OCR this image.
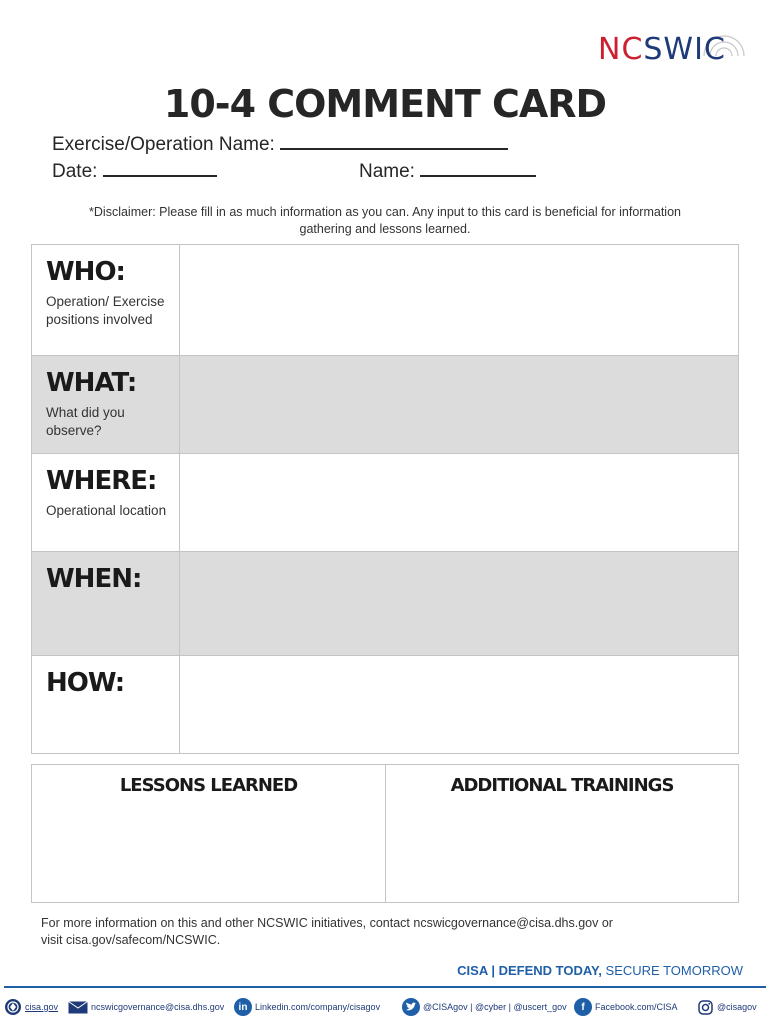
NCSWIC
10-4 COMMENT CARD
Exercise/Operation Name:
Date:	Name:
*Disclaimer: Please fill in as much information as you can. Any input to this card is beneficial for information
gathering and lessons learned.
WHO:
Operation/ Exercise positions involved
WHAT:
What did you observe?
WHERE:
Operational location
WHEN:
HOW:
LESSONS LEARNED	ADDITIONAL TRAININGS
For more information on this and other NCSWIC initiatives, contact ncswicgovernance@cisa.dhs.gov or
visit cisa.gov/safecom/NCSWIC.
CISA | DEFEND TODAY, SECURE TOMORROW
cisa.gov	ncswicgovernance@cisa.dhs.gov	in Linkedin.com/company/cisagov	@CISAgov | @cyber | @uscert_gov	f	Facebook.com/CISA	@cisagov
